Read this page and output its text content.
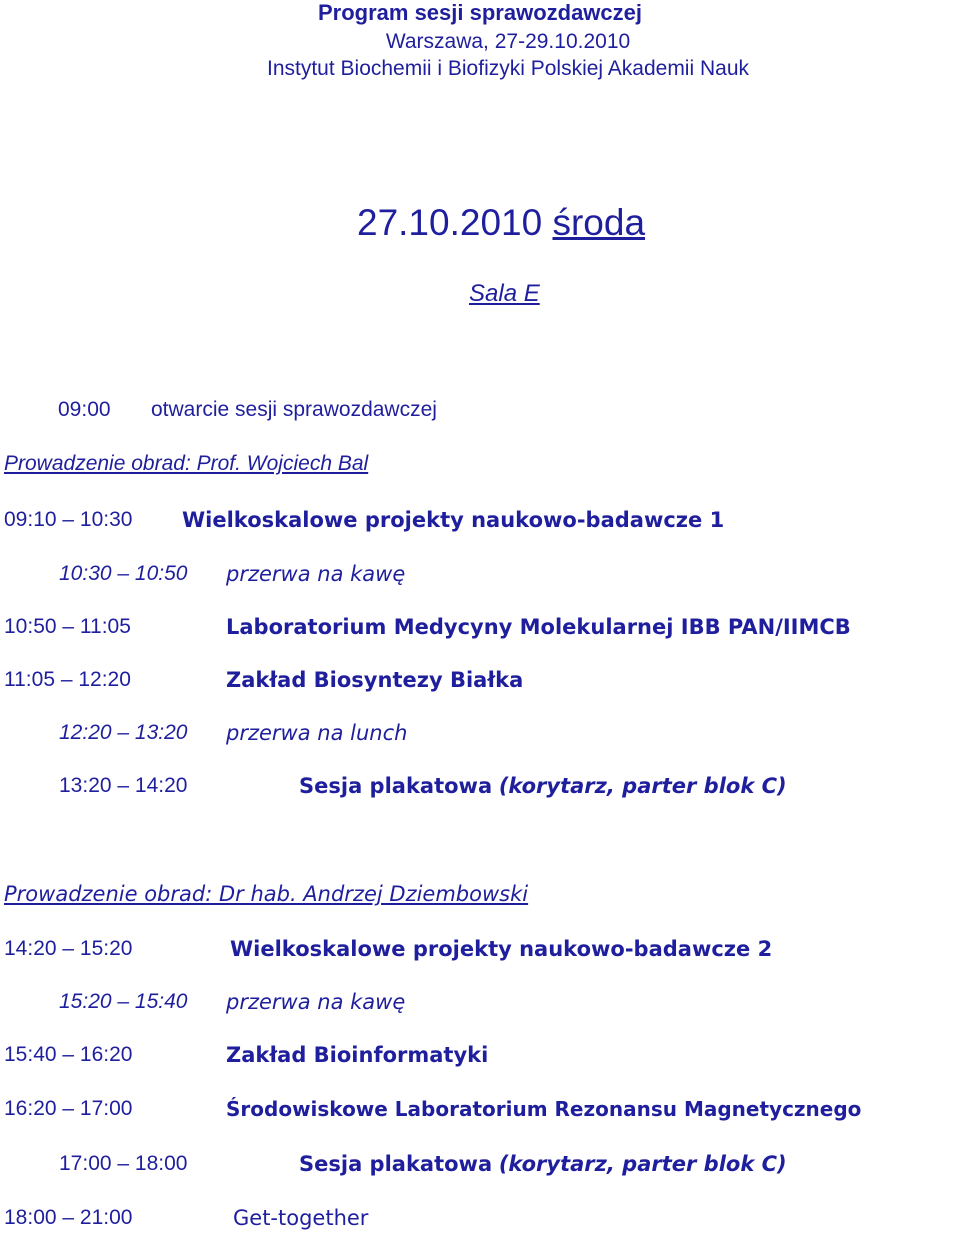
Program sesji sprawozdawczej
Warszawa, 27-29.10.2010
Instytut Biochemii i Biofizyki Polskiej Akademii Nauk
27.10.2010 środa
Sala E
09:00 otwarcie sesji sprawozdawczej
Prowadzenie obrad: Prof. Wojciech Bal
09:10 – 10:30 Wielkoskalowe projekty naukowo-badawcze 1
10:30 – 10:50 przerwa na kawę
10:50 – 11:05	Laboratorium Medycyny Molekularnej IBB PAN/IIMCB
11:05 – 12:20	Zakład Biosyntezy Białka
12:20 – 13:20 przerwa na lunch
13:20 – 14:20	Sesja plakatowa (korytarz, parter blok C)
Prowadzenie obrad: Dr hab. Andrzej Dziembowski
14:20 – 15:20	Wielkoskalowe projekty naukowo-badawcze 2
15:20 – 15:40 przerwa na kawę
15:40 – 16:20	Zakład Bioinformatyki
16:20 – 17:00	Środowiskowe Laboratorium Rezonansu Magnetycznego
17:00 – 18:00	Sesja plakatowa (korytarz, parter blok C)
18:00 – 21:00	Get-together
